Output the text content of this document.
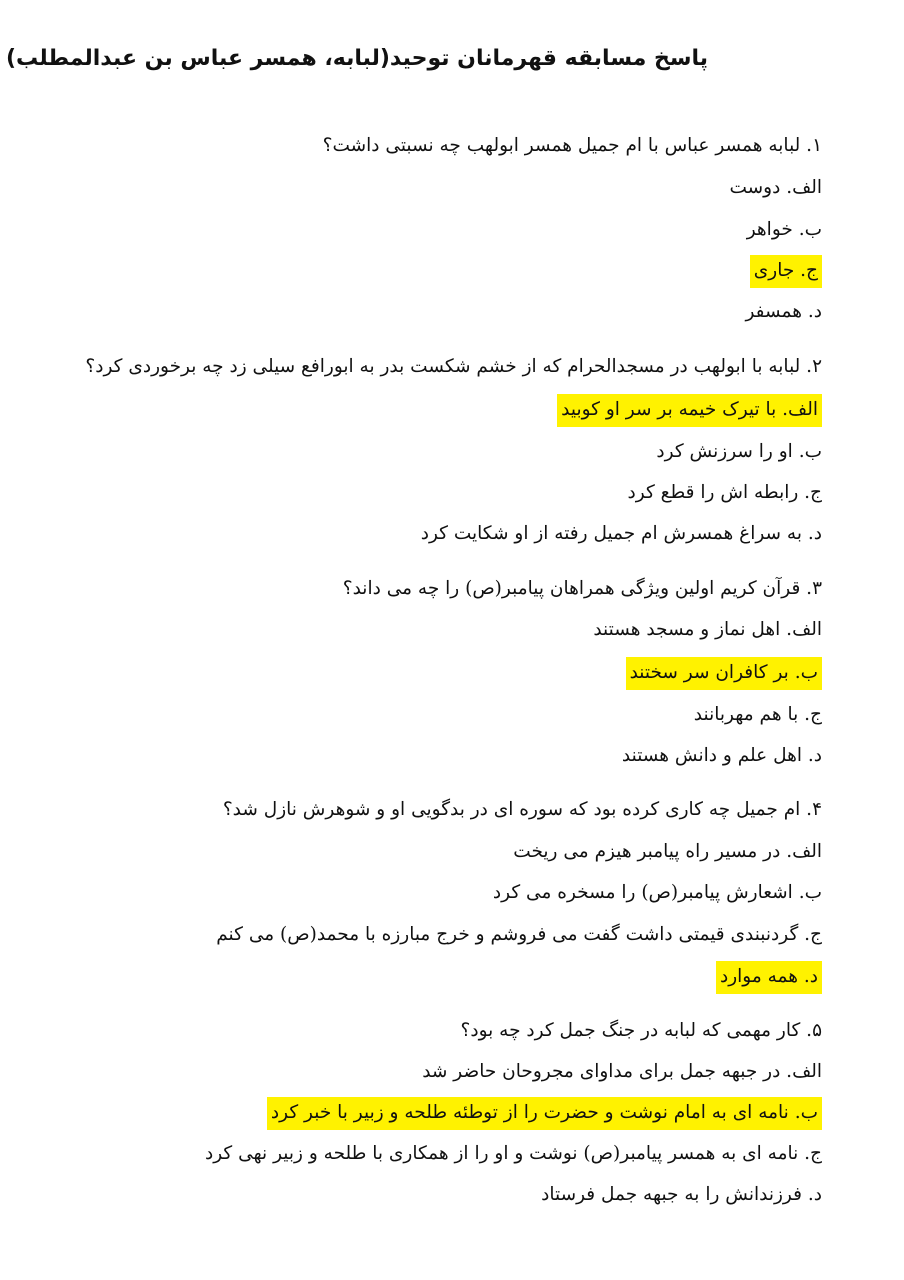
پاسخ مسابقه قهرمانان توحید(لبابه، همسر عباس بن عبدالمطلب)
۱. لبابه همسر عباس با ام جمیل همسر ابولهب چه نسبتی داشت؟
الف. دوست
ب. خواهر
ج. جاری
د. همسفر
۲. لبابه با ابولهب در مسجدالحرام که از خشم شکست بدر به ابورافع سیلی زد چه برخوردی کرد؟
الف. با تیرک خیمه بر سر او کوبید
ب. او را سرزنش کرد
ج. رابطه اش را قطع کرد
د. به سراغ همسرش ام جمیل رفته از او شکایت کرد
۳. قرآن کریم اولین ویژگی همراهان پیامبر(ص) را چه می داند؟
الف. اهل نماز و مسجد هستند
ب. بر کافران سر سختند
ج. با هم مهربانند
د. اهل علم و دانش هستند
۴. ام جمیل چه کاری کرده بود که سوره ای در بدگویی او و شوهرش نازل شد؟
الف. در مسیر راه پیامبر هیزم می ریخت
ب. اشعارش پیامبر(ص) را مسخره می کرد
ج. گردنبندی قیمتی داشت گفت می فروشم و خرج مبارزه با محمد(ص) می کنم
د. همه موارد
۵. کار مهمی که لبابه در جنگ جمل کرد چه بود؟
الف. در جبهه جمل برای مداوای مجروحان حاضر شد
ب. نامه ای به امام نوشت و حضرت را از توطئه طلحه و زبیر با خبر کرد
ج. نامه ای به همسر پیامبر(ص) نوشت و او را از همکاری با طلحه و زبیر نهی کرد
د. فرزندانش را به جبهه جمل فرستاد
